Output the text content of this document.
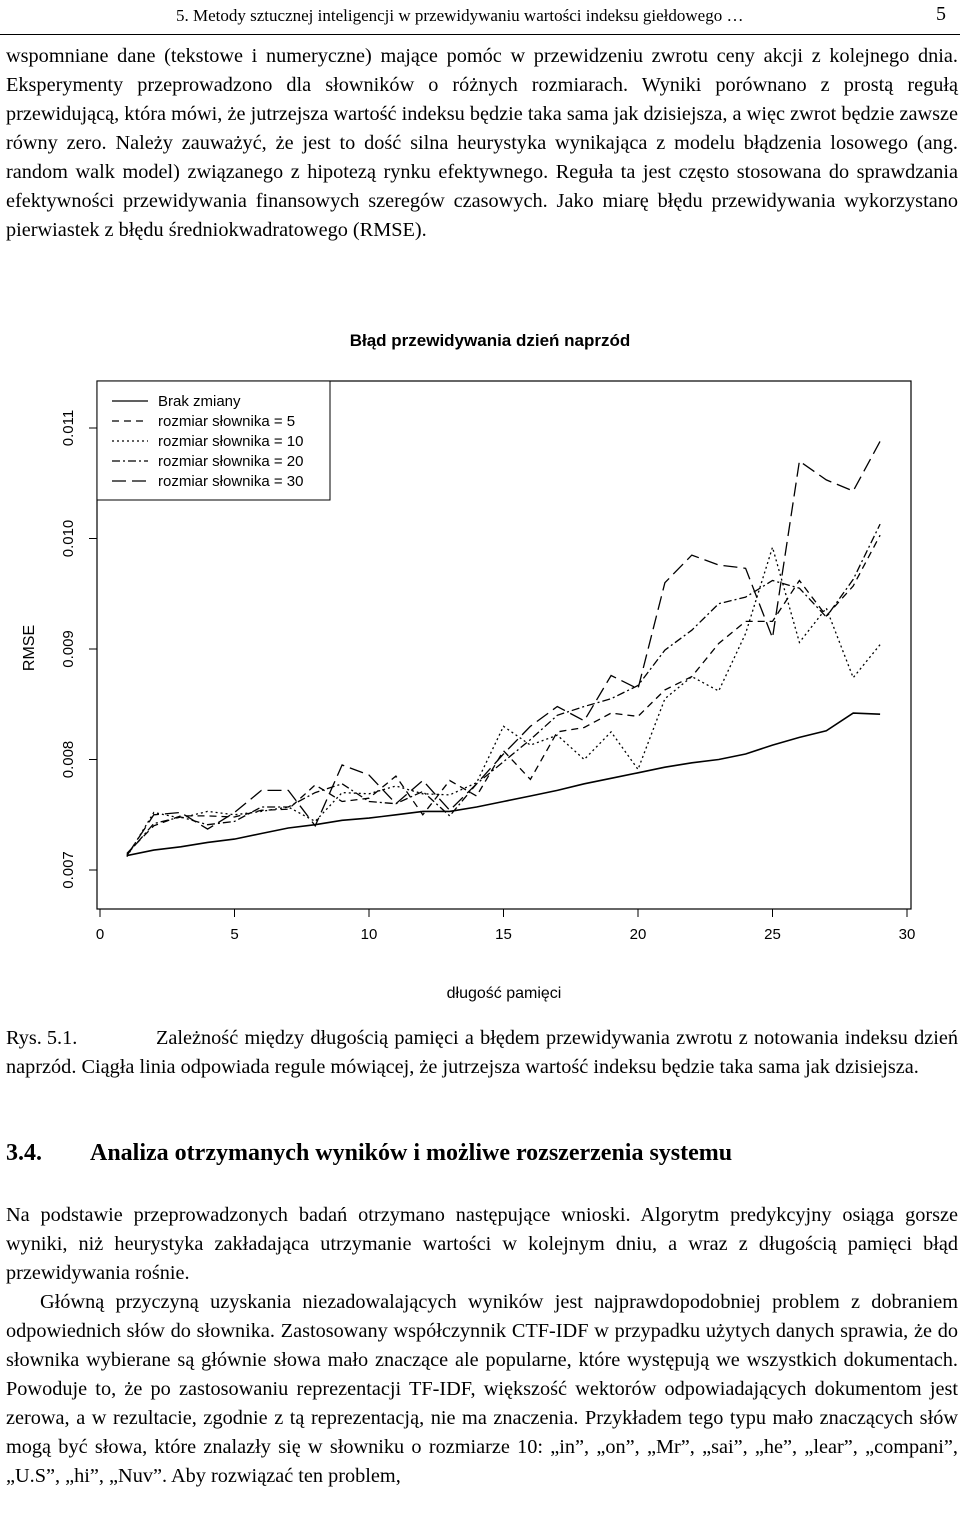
5. Metody sztucznej inteligencji w przewidywaniu wartości indeksu giełdowego …	5

wspomniane dane (tekstowe i numeryczne) mające pomóc w przewidzeniu zwrotu ceny akcji z kolejnego dnia. Eksperymenty przeprowadzono dla słowników o różnych rozmiarach. Wyniki porównano z prostą regułą przewidującą, która mówi, że jutrzejsza wartość indeksu będzie taka sama jak dzisiejsza, a więc zwrot będzie zawsze równy zero. Należy zauważyć, że jest to dość silna heurystyka wynikająca z modelu błądzenia losowego (ang. random walk model) związanego z hipotezą rynku efektywnego. Reguła ta jest często stosowana do sprawdzania efektywności przewidywania finansowych szeregów czasowych. Jako miarę błędu przewidywania wykorzystano pierwiastek z błędu średniokwadratowego (RMSE).

Błąd przewidywania dzień naprzód
0	5	10	15	20	25	30
0.007
0.008
0.009
0.010
0.011
długość pamięci
RMSE
Brak zmiany
rozmiar słownika = 5
rozmiar słownika = 10
rozmiar słownika = 20
rozmiar słownika = 30

Rys. 5.1.	Zależność między długością pamięci a błędem przewidywania zwrotu z notowania indeksu dzień naprzód. Ciągła linia odpowiada regule mówiącej, że jutrzejsza wartość indeksu będzie taka sama jak dzisiejsza.

3.4. Analiza otrzymanych wyników i możliwe rozszerzenia systemu

Na podstawie przeprowadzonych badań otrzymano następujące wnioski. Algorytm predykcyjny osiąga gorsze wyniki, niż heurystyka zakładająca utrzymanie wartości w kolejnym dniu, a wraz z długością pamięci błąd przewidywania rośnie.

Główną przyczyną uzyskania niezadowalających wyników jest najprawdopodobniej problem z dobraniem odpowiednich słów do słownika. Zastosowany współczynnik CTF-IDF w przypadku użytych danych sprawia, że do słownika wybierane są głównie słowa mało znaczące ale popularne, które występują we wszystkich dokumentach. Powoduje to, że po zastosowaniu reprezentacji TF-IDF, większość wektorów odpowiadających dokumentom jest zerowa, a w rezultacie, zgodnie z tą reprezentacją, nie ma znaczenia. Przykładem tego typu mało znaczących słów mogą być słowa, które znalazły się w słowniku o rozmiarze 10: „in”, „on”, „Mr”, „sai”, „he”, „lear”, „compani”, „U.S”, „hi”, „Nuv”. Aby rozwiązać ten problem,
